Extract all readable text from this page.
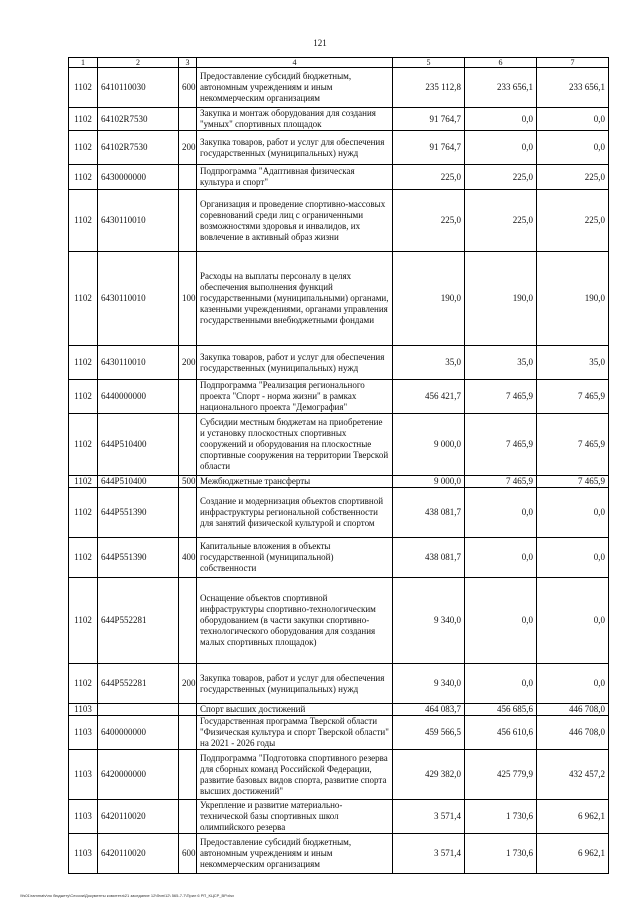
121
1	2	3	4	5	6	7
1102	6410110030	600	Предоставление субсидий бюджетным, автономным учреждениям и иным некоммерческим организациям	235 112,8	233 656,1	233 656,1
1102	64102R7530		Закупка и монтаж оборудования для создания "умных" спортивных площадок	91 764,7	0,0	0,0
1102	64102R7530	200	Закупка товаров, работ и услуг для обеспечения государственных (муниципальных) нужд	91 764,7	0,0	0,0
1102	6430000000		Подпрограмма "Адаптивная физическая культура и спорт"	225,0	225,0	225,0
1102	6430110010		Организация и проведение спортивно-массовых соревнований среди лиц с ограниченными возможностями здоровья и инвалидов, их вовлечение в активный образ жизни	225,0	225,0	225,0
1102	6430110010	100	Расходы на выплаты персоналу в целях обеспечения выполнения функций государственными (муниципальными) органами, казенными учреждениями, органами управления государственными внебюджетными фондами	190,0	190,0	190,0
1102	6430110010	200	Закупка товаров, работ и услуг для обеспечения государственных (муниципальных) нужд	35,0	35,0	35,0
1102	6440000000		Подпрограмма "Реализация регионального проекта "Спорт - норма жизни" в рамках национального проекта "Демография"	456 421,7	7 465,9	7 465,9
1102	644P510400		Субсидии местным бюджетам на приобретение и установку плоскостных спортивных сооружений и оборудования на плоскостные спортивные сооружения на территории Тверской области	9 000,0	7 465,9	7 465,9
1102	644P510400	500	Межбюджетные трансферты	9 000,0	7 465,9	7 465,9
1102	644P551390		Создание и модернизация объектов спортивной инфраструктуры региональной собственности для занятий физической культурой и спортом	438 081,7	0,0	0,0
1102	644P551390	400	Капитальные вложения в объекты государственной (муниципальной) собственности	438 081,7	0,0	0,0
1102	644P552281		Оснащение объектов спортивной инфраструктуры спортивно-технологическим оборудованием (в части закупки спортивно-технологического оборудования для создания малых спортивных площадок)	9 340,0	0,0	0,0
1102	644P552281	200	Закупка товаров, работ и услуг для обеспечения государственных (муниципальных) нужд	9 340,0	0,0	0,0
1103			Спорт высших достижений	464 083,7	456 685,6	446 708,0
1103	6400000000		Государственная программа Тверской области "Физическая культура и спорт Тверской области" на 2021 - 2026 годы	459 566,5	456 610,6	446 708,0
1103	6420000000		Подпрограмма "Подготовка спортивного резерва для сборных команд Российской Федерации, развитие базовых видов спорта, развитие спорта высших достижений"	429 382,0	425 779,9	432 457,2
1103	6420110020		Укрепление и развитие материально-технической базы спортивных школ олимпийского резерва	3 571,4	1 730,6	6 962,1
1103	6420110020	600	Предоставление субсидий бюджетным, автономным учреждениям и иным некоммерческим организациям	3 571,4	1 730,6	6 962,1
\\fs01\rammatv\по бюджету\Сессии\Документы комитета\21 заседание 12\Фин\12\ 565-7-7\Прил 6 РП_КЦСР_ВР.xlsx
